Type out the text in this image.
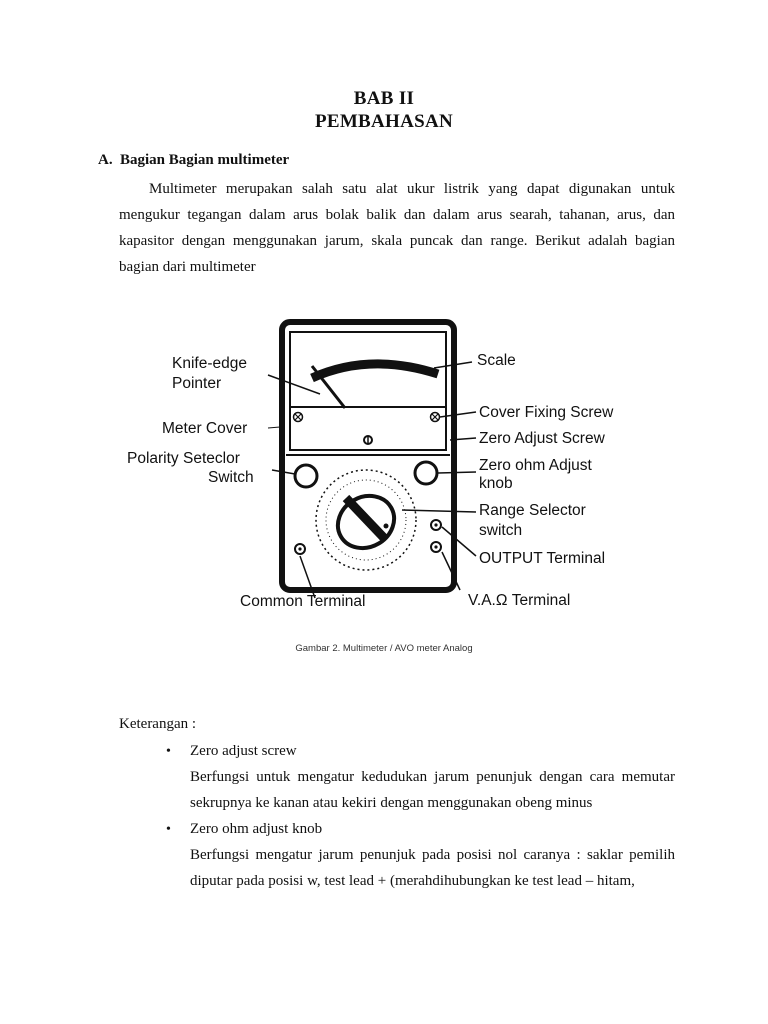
BAB II
PEMBAHASAN
A. Bagian Bagian multimeter
Multimeter merupakan salah satu alat ukur listrik yang dapat digunakan untuk mengukur tegangan dalam arus bolak balik dan dalam arus searah, tahanan, arus, dan kapasitor dengan menggunakan jarum, skala puncak dan range. Berikut adalah bagian bagian dari multimeter
Knife-edge
Pointer
Meter Cover
Polarity Seteclor
Switch
Common Terminal
Scale
Cover Fixing Screw
Zero Adjust Screw
Zero ohm Adjust
knob
Range Selector
switch
OUTPUT Terminal
V.A.Ω Terminal
Gambar 2. Multimeter / AVO meter Analog
Keterangan :
• Zero adjust screw
Berfungsi untuk mengatur kedudukan jarum penunjuk dengan cara memutar sekrupnya ke kanan atau kekiri dengan menggunakan obeng minus
• Zero ohm adjust knob
Berfungsi mengatur jarum penunjuk pada posisi nol caranya : saklar pemilih diputar pada posisi w, test lead + (merahdihubungkan ke test lead – hitam,
